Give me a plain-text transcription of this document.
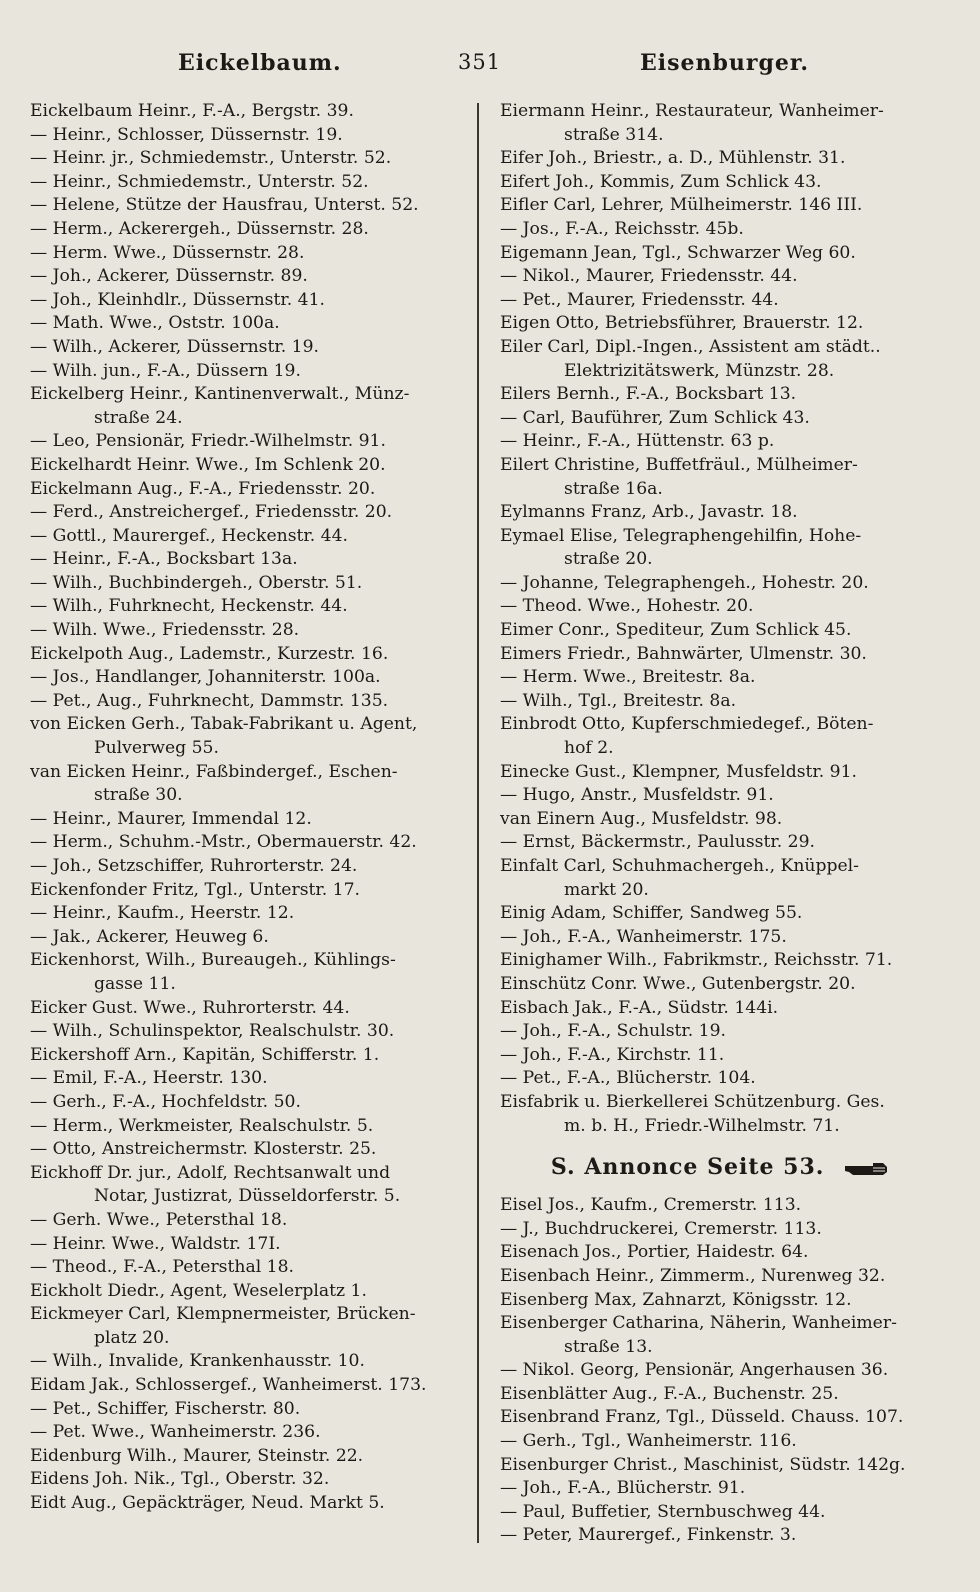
Eickelbaum.	351	Eisenburger.
Eickelbaum Heinr., F.-A., Bergstr. 39.
— Heinr., Schlosser, Düssernstr. 19.
— Heinr. jr., Schmiedemstr., Unterstr. 52.
— Heinr., Schmiedemstr., Unterstr. 52.
— Helene, Stütze der Hausfrau, Unterst. 52.
— Herm., Ackerergeh., Düssernstr. 28.
— Herm. Wwe., Düssernstr. 28.
— Joh., Ackerer, Düssernstr. 89.
— Joh., Kleinhdlr., Düssernstr. 41.
— Math. Wwe., Oststr. 100a.
— Wilh., Ackerer, Düssernstr. 19.
— Wilh. jun., F.-A., Düssern 19.
Eickelberg Heinr., Kantinenverwalt., Münz-
straße 24.
— Leo, Pensionär, Friedr.-Wilhelmstr. 91.
Eickelhardt Heinr. Wwe., Im Schlenk 20.
Eickelmann Aug., F.-A., Friedensstr. 20.
— Ferd., Anstreichergef., Friedensstr. 20.
— Gottl., Maurergef., Heckenstr. 44.
— Heinr., F.-A., Bocksbart 13a.
— Wilh., Buchbindergeh., Oberstr. 51.
— Wilh., Fuhrknecht, Heckenstr. 44.
— Wilh. Wwe., Friedensstr. 28.
Eickelpoth Aug., Lademstr., Kurzestr. 16.
— Jos., Handlanger, Johanniterstr. 100a.
— Pet., Aug., Fuhrknecht, Dammstr. 135.
von Eicken Gerh., Tabak-Fabrikant u. Agent,
Pulverweg 55.
van Eicken Heinr., Faßbindergef., Eschen-
straße 30.
— Heinr., Maurer, Immendal 12.
— Herm., Schuhm.-Mstr., Obermauerstr. 42.
— Joh., Setzschiffer, Ruhrorterstr. 24.
Eickenfonder Fritz, Tgl., Unterstr. 17.
— Heinr., Kaufm., Heerstr. 12.
— Jak., Ackerer, Heuweg 6.
Eickenhorst, Wilh., Bureaugeh., Kühlings-
gasse 11.
Eicker Gust. Wwe., Ruhrorterstr. 44.
— Wilh., Schulinspektor, Realschulstr. 30.
Eickershoff Arn., Kapitän, Schifferstr. 1.
— Emil, F.-A., Heerstr. 130.
— Gerh., F.-A., Hochfeldstr. 50.
— Herm., Werkmeister, Realschulstr. 5.
— Otto, Anstreichermstr. Klosterstr. 25.
Eickhoff Dr. jur., Adolf, Rechtsanwalt und
Notar, Justizrat, Düsseldorferstr. 5.
— Gerh. Wwe., Petersthal 18.
— Heinr. Wwe., Waldstr. 17I.
— Theod., F.-A., Petersthal 18.
Eickholt Diedr., Agent, Weselerplatz 1.
Eickmeyer Carl, Klempnermeister, Brücken-
platz 20.
— Wilh., Invalide, Krankenhausstr. 10.
Eidam Jak., Schlossergef., Wanheimerst. 173.
— Pet., Schiffer, Fischerstr. 80.
— Pet. Wwe., Wanheimerstr. 236.
Eidenburg Wilh., Maurer, Steinstr. 22.
Eidens Joh. Nik., Tgl., Oberstr. 32.
Eidt Aug., Gepäckträger, Neud. Markt 5.
Eiermann Heinr., Restaurateur, Wanheimer-
straße 314.
Eifer Joh., Briestr., a. D., Mühlenstr. 31.
Eifert Joh., Kommis, Zum Schlick 43.
Eifler Carl, Lehrer, Mülheimerstr. 146 III.
— Jos., F.-A., Reichsstr. 45b.
Eigemann Jean, Tgl., Schwarzer Weg 60.
— Nikol., Maurer, Friedensstr. 44.
— Pet., Maurer, Friedensstr. 44.
Eigen Otto, Betriebsführer, Brauerstr. 12.
Eiler Carl, Dipl.-Ingen., Assistent am städt..
Elektrizitätswerk, Münzstr. 28.
Eilers Bernh., F.-A., Bocksbart 13.
— Carl, Bauführer, Zum Schlick 43.
— Heinr., F.-A., Hüttenstr. 63 p.
Eilert Christine, Buffetfräul., Mülheimer-
straße 16a.
Eylmanns Franz, Arb., Javastr. 18.
Eymael Elise, Telegraphengehilfin, Hohe-
straße 20.
— Johanne, Telegraphengeh., Hohestr. 20.
— Theod. Wwe., Hohestr. 20.
Eimer Conr., Spediteur, Zum Schlick 45.
Eimers Friedr., Bahnwärter, Ulmenstr. 30.
— Herm. Wwe., Breitestr. 8a.
— Wilh., Tgl., Breitestr. 8a.
Einbrodt Otto, Kupferschmiedegef., Böten-
hof 2.
Einecke Gust., Klempner, Musfeldstr. 91.
— Hugo, Anstr., Musfeldstr. 91.
van Einern Aug., Musfeldstr. 98.
— Ernst, Bäckermstr., Paulusstr. 29.
Einfalt Carl, Schuhmachergeh., Knüppel-
markt 20.
Einig Adam, Schiffer, Sandweg 55.
— Joh., F.-A., Wanheimerstr. 175.
Einighamer Wilh., Fabrikmstr., Reichsstr. 71.
Einschütz Conr. Wwe., Gutenbergstr. 20.
Eisbach Jak., F.-A., Südstr. 144i.
— Joh., F.-A., Schulstr. 19.
— Joh., F.-A., Kirchstr. 11.
— Pet., F.-A., Blücherstr. 104.
Eisfabrik u. Bierkellerei Schützenburg. Ges.
m. b. H., Friedr.-Wilhelmstr. 71.
S. Annonce Seite 53.
Eisel Jos., Kaufm., Cremerstr. 113.
— J., Buchdruckerei, Cremerstr. 113.
Eisenach Jos., Portier, Haidestr. 64.
Eisenbach Heinr., Zimmerm., Nurenweg 32.
Eisenberg Max, Zahnarzt, Königsstr. 12.
Eisenberger Catharina, Näherin, Wanheimer-
straße 13.
— Nikol. Georg, Pensionär, Angerhausen 36.
Eisenblätter Aug., F.-A., Buchenstr. 25.
Eisenbrand Franz, Tgl., Düsseld. Chauss. 107.
— Gerh., Tgl., Wanheimerstr. 116.
Eisenburger Christ., Maschinist, Südstr. 142g.
— Joh., F.-A., Blücherstr. 91.
— Paul, Buffetier, Sternbuschweg 44.
— Peter, Maurergef., Finkenstr. 3.
